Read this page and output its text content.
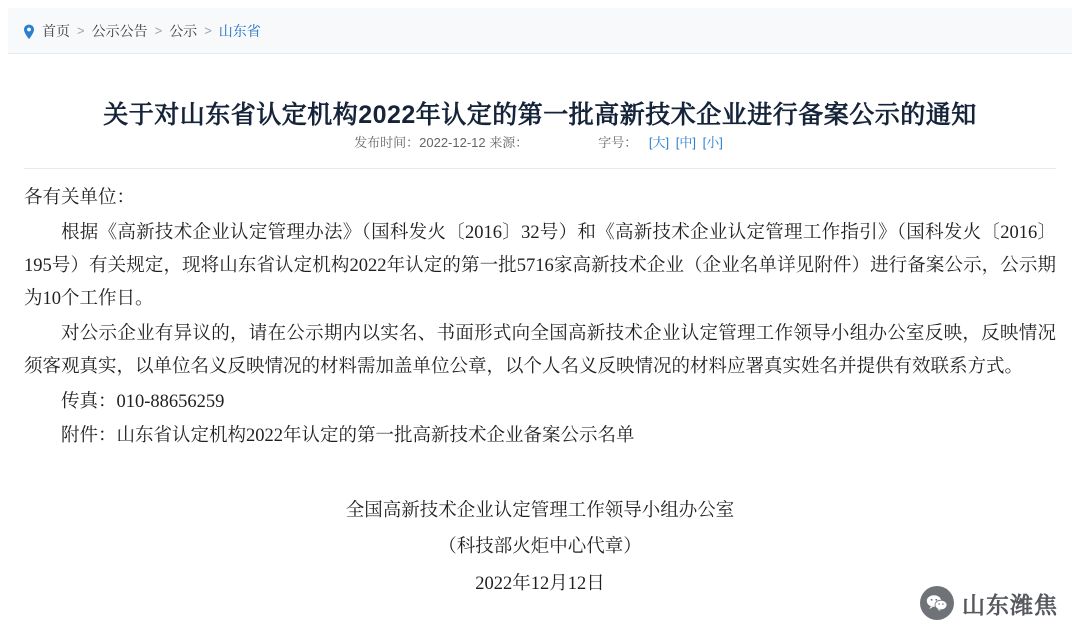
首页 > 公示公告 > 公示 > 山东省
关于对山东省认定机构2022年认定的第一批高新技术企业进行备案公示的通知
发布时间：2022-12-12 来源：	字号： [大] [中] [小]

各有关单位：

根据《高新技术企业认定管理办法》（国科发火〔2016〕32号）和《高新技术企业认定管理工作指引》（国科发火〔2016〕195号）有关规定，现将山东省认定机构2022年认定的第一批5716家高新技术企业（企业名单详见附件）进行备案公示，公示期为10个工作日。

对公示企业有异议的，请在公示期内以实名、书面形式向全国高新技术企业认定管理工作领导小组办公室反映，反映情况须客观真实，以单位名义反映情况的材料需加盖单位公章，以个人名义反映情况的材料应署真实姓名并提供有效联系方式。

传真：010-88656259

附件：山东省认定机构2022年认定的第一批高新技术企业备案公示名单

全国高新技术企业认定管理工作领导小组办公室
（科技部火炬中心代章）
2022年12月12日
山东潍焦
